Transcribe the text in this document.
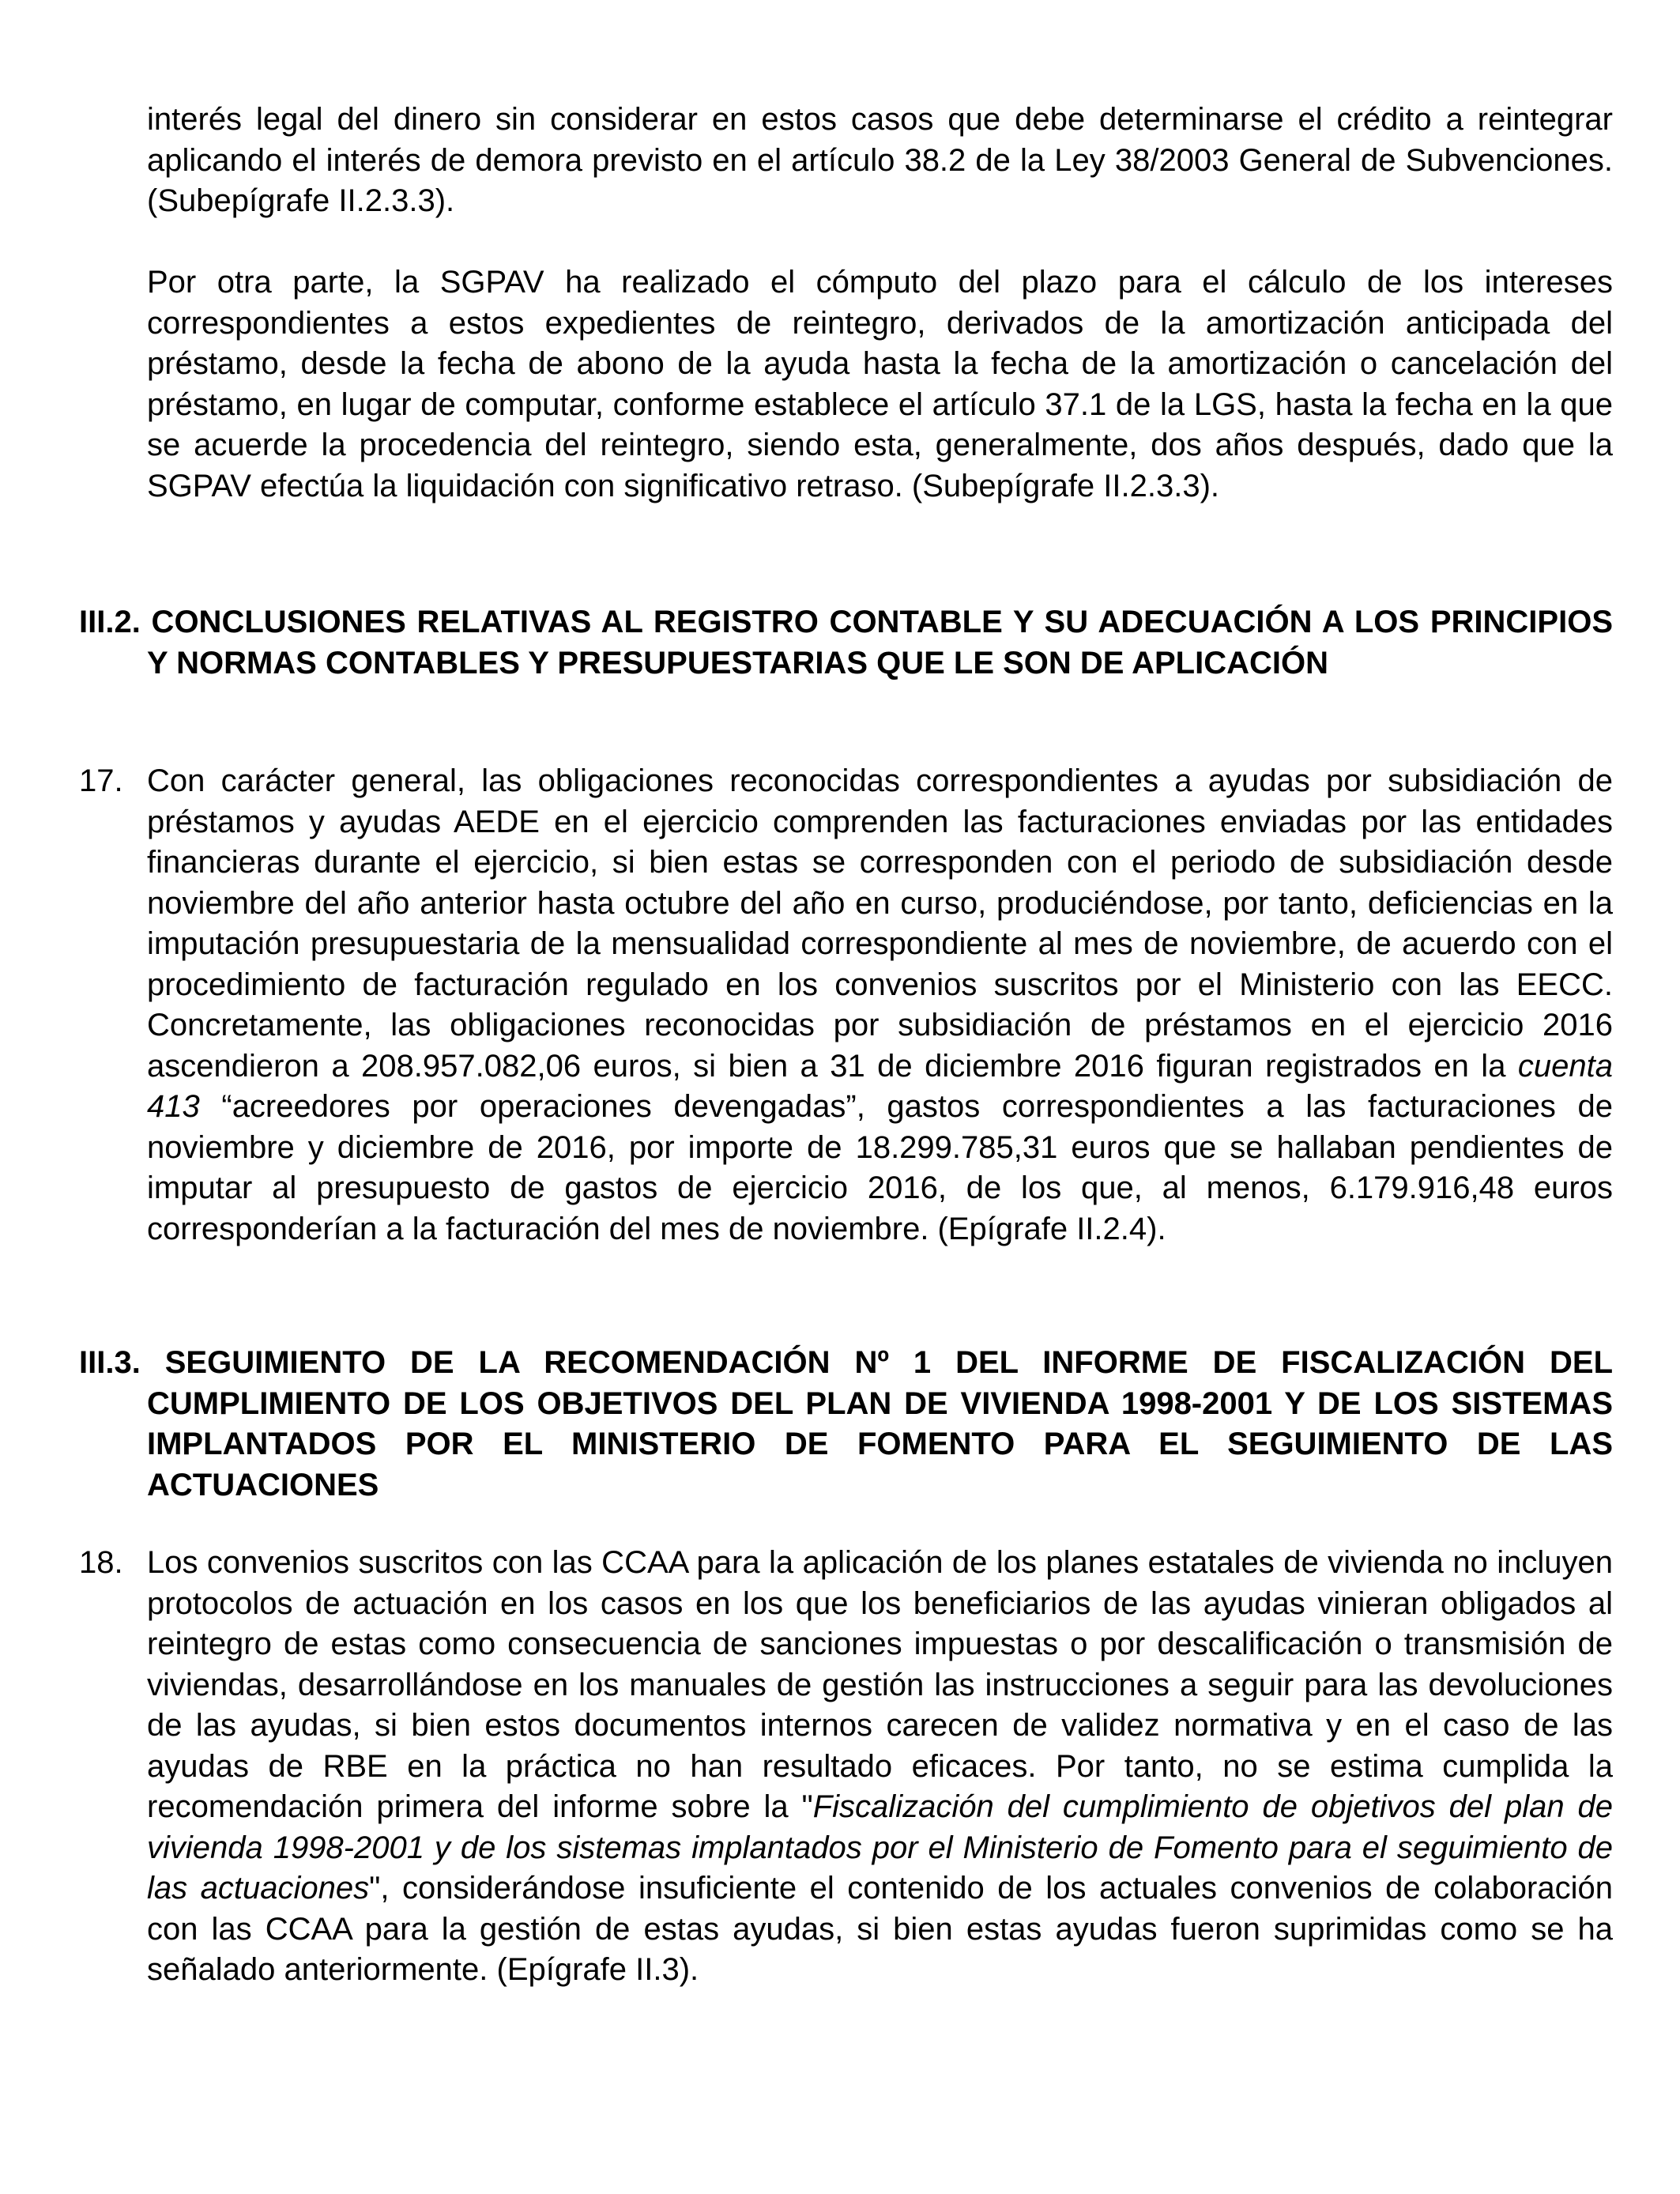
interés legal del dinero sin considerar en estos casos que debe determinarse el crédito a reintegrar aplicando el interés de demora previsto en el artículo 38.2 de la Ley 38/2003 General de Subvenciones. (Subepígrafe II.2.3.3).

Por otra parte, la SGPAV ha realizado el cómputo del plazo para el cálculo de los intereses correspondientes a estos expedientes de reintegro, derivados de la amortización anticipada del préstamo, desde la fecha de abono de la ayuda hasta la fecha de la amortización o cancelación del préstamo, en lugar de computar, conforme establece el artículo 37.1 de la LGS, hasta la fecha en la que se acuerde la procedencia del reintegro, siendo esta, generalmente, dos años después, dado que la SGPAV efectúa la liquidación con significativo retraso. (Subepígrafe II.2.3.3).

III.2. CONCLUSIONES RELATIVAS AL REGISTRO CONTABLE Y SU ADECUACIÓN A LOS PRINCIPIOS Y NORMAS CONTABLES Y PRESUPUESTARIAS QUE LE SON DE APLICACIÓN
17. Con carácter general, las obligaciones reconocidas correspondientes a ayudas por subsidiación de préstamos y ayudas AEDE en el ejercicio comprenden las facturaciones enviadas por las entidades financieras durante el ejercicio, si bien estas se corresponden con el periodo de subsidiación desde noviembre del año anterior hasta octubre del año en curso, produciéndose, por tanto, deficiencias en la imputación presupuestaria de la mensualidad correspondiente al mes de noviembre, de acuerdo con el procedimiento de facturación regulado en los convenios suscritos por el Ministerio con las EECC. Concretamente, las obligaciones reconocidas por subsidiación de préstamos en el ejercicio 2016 ascendieron a 208.957.082,06 euros, si bien a 31 de diciembre 2016 figuran registrados en la cuenta 413 “acreedores por operaciones devengadas”, gastos correspondientes a las facturaciones de noviembre y diciembre de 2016, por importe de 18.299.785,31 euros que se hallaban pendientes de imputar al presupuesto de gastos de ejercicio 2016, de los que, al menos, 6.179.916,48 euros corresponderían a la facturación del mes de noviembre. (Epígrafe II.2.4).

III.3. SEGUIMIENTO DE LA RECOMENDACIÓN Nº 1 DEL INFORME DE FISCALIZACIÓN DEL CUMPLIMIENTO DE LOS OBJETIVOS DEL PLAN DE VIVIENDA 1998-2001 Y DE LOS SISTEMAS IMPLANTADOS POR EL MINISTERIO DE FOMENTO PARA EL SEGUIMIENTO DE LAS ACTUACIONES
18. Los convenios suscritos con las CCAA para la aplicación de los planes estatales de vivienda no incluyen protocolos de actuación en los casos en los que los beneficiarios de las ayudas vinieran obligados al reintegro de estas como consecuencia de sanciones impuestas o por descalificación o transmisión de viviendas, desarrollándose en los manuales de gestión las instrucciones a seguir para las devoluciones de las ayudas, si bien estos documentos internos carecen de validez normativa y en el caso de las ayudas de RBE en la práctica no han resultado eficaces. Por tanto, no se estima cumplida la recomendación primera del informe sobre la "Fiscalización del cumplimiento de objetivos del plan de vivienda 1998-2001 y de los sistemas implantados por el Ministerio de Fomento para el seguimiento de las actuaciones", considerándose insuficiente el contenido de los actuales convenios de colaboración con las CCAA para la gestión de estas ayudas, si bien estas ayudas fueron suprimidas como se ha señalado anteriormente. (Epígrafe II.3).
